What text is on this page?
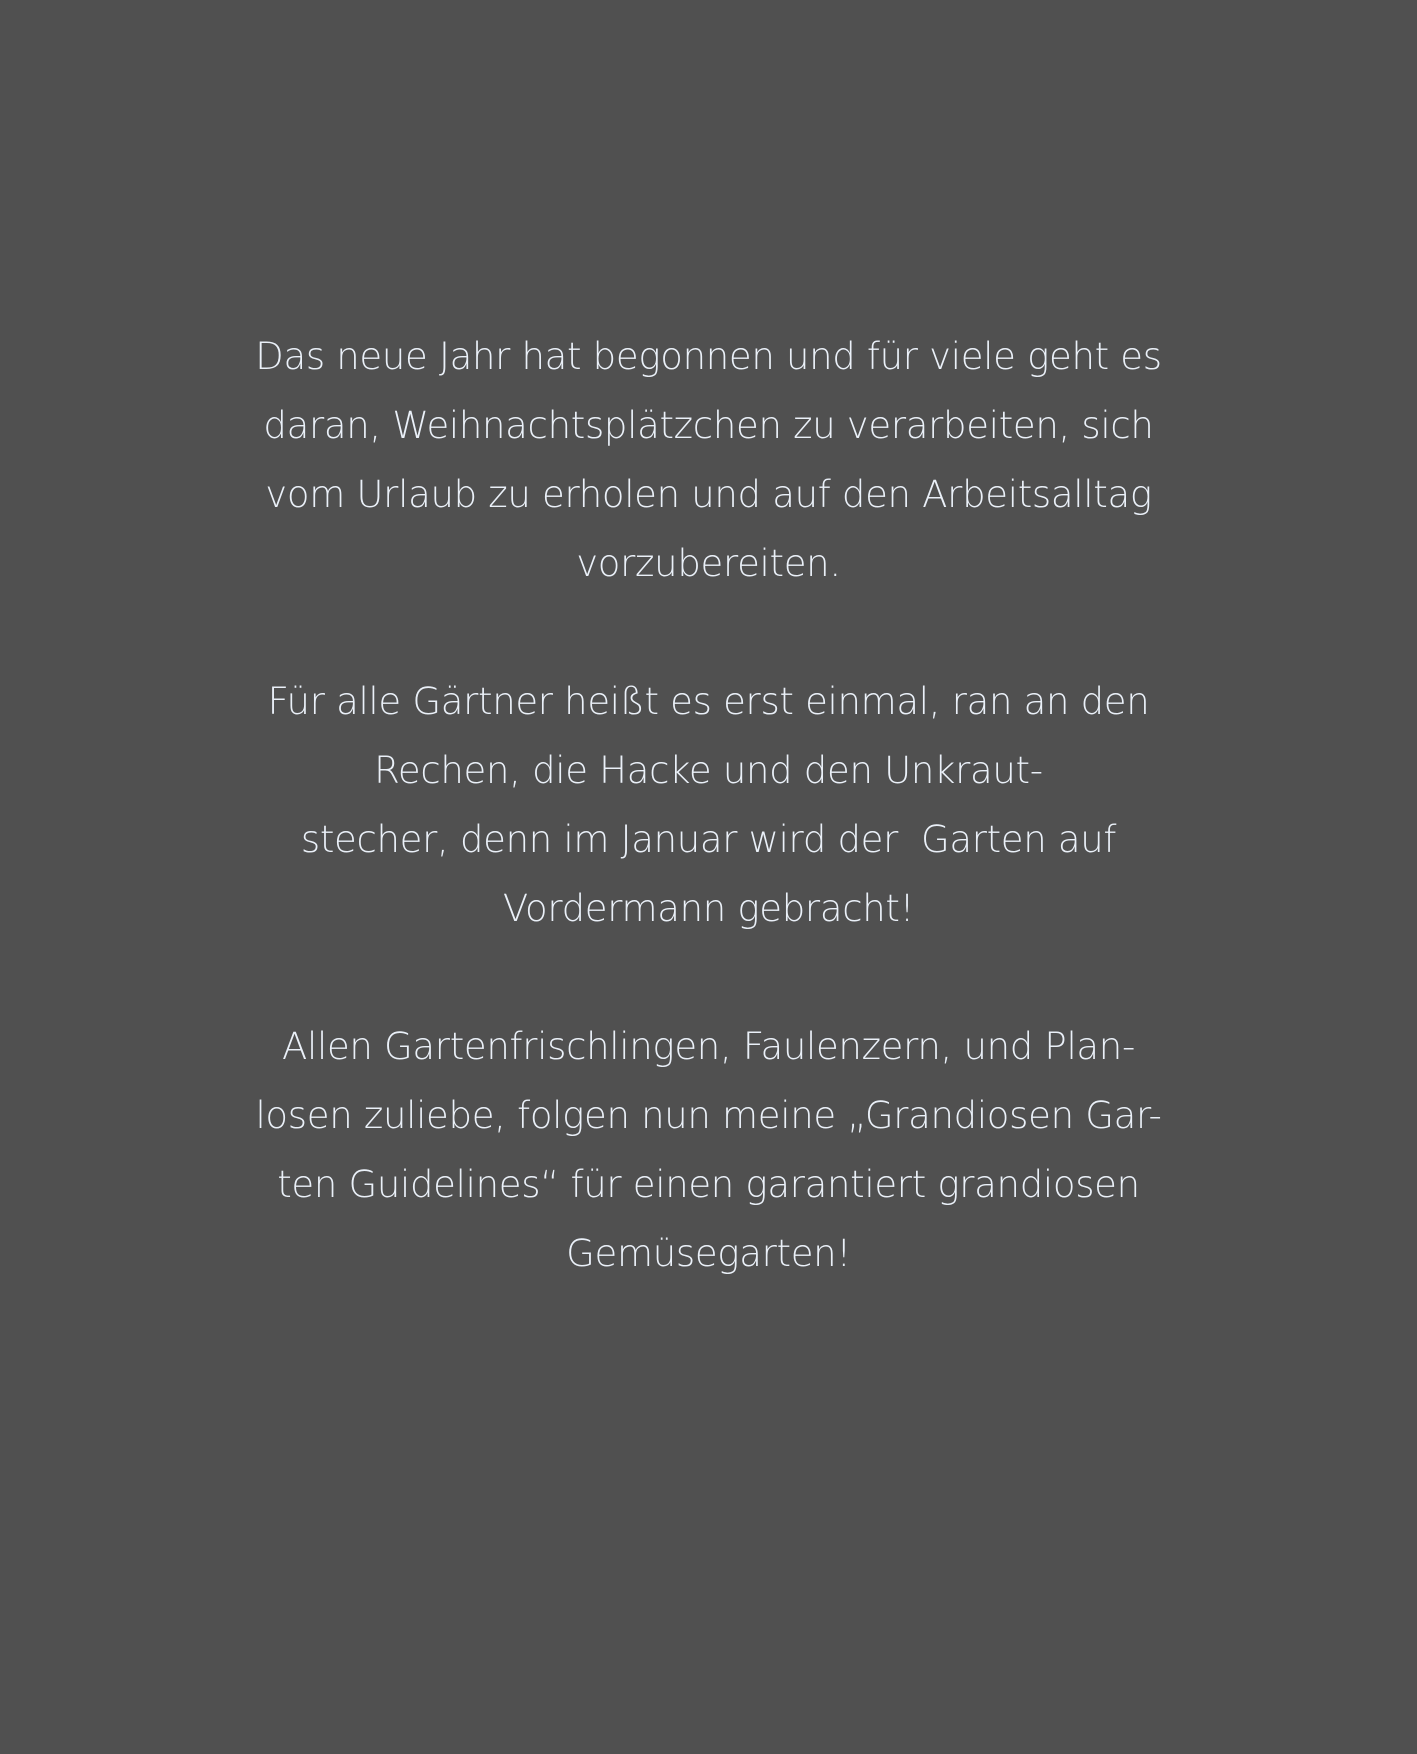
Das neue Jahr hat begonnen und für viele geht es
daran, Weihnachtsplätzchen zu verarbeiten, sich
vom Urlaub zu erholen und auf den Arbeitsalltag
vorzubereiten.

Für alle Gärtner heißt es erst einmal, ran an den
Rechen, die Hacke und den Unkraut-
stecher, denn im Januar wird der  Garten auf
Vordermann gebracht!

Allen Gartenfrischlingen, Faulenzern, und Plan-
losen zuliebe, folgen nun meine „Grandiosen Gar-
ten Guidelines“ für einen garantiert grandiosen
Gemüsegarten!
